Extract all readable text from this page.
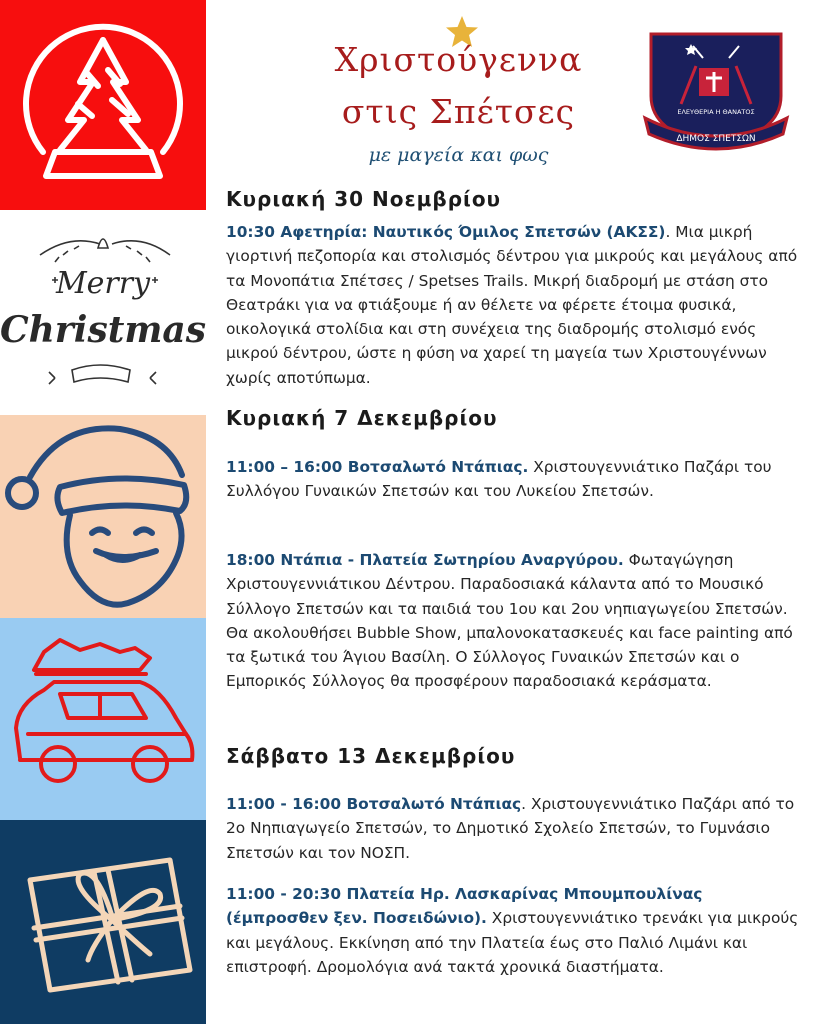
Merry
Christmas
Χριστούγεννα
στις Σπέτσες
με μαγεία και φως
ΕΛΕΥΘΕΡΙΑ Η ΘΑΝΑΤΟΣ
ΔΗΜΟΣ ΣΠΕΤΣΩΝ
Κυριακή 30 Νοεμβρίου
10:30 Αφετηρία: Ναυτικός Όμιλος Σπετσών (ΑΚΣΣ). Μια μικρή γιορτινή πεζοπορία και στολισμός δέντρου για μικρούς και μεγάλους από τα Μονοπάτια Σπέτσες / Spetses Trails. Μικρή διαδρομή με στάση στο Θεατράκι για να φτιάξουμε ή αν θέλετε να φέρετε έτοιμα φυσικά, οικολογικά στολίδια και στη συνέχεια της διαδρομής στολισμό ενός μικρού δέντρου, ώστε η φύση να χαρεί τη μαγεία των Χριστουγέννων χωρίς αποτύπωμα.
Κυριακή 7 Δεκεμβρίου
11:00 – 16:00 Βοτσαλωτό Ντάπιας. Χριστουγεννιάτικο Παζάρι του Συλλόγου Γυναικών Σπετσών και του Λυκείου Σπετσών.
18:00 Ντάπια - Πλατεία Σωτηρίου Αναργύρου. Φωταγώγηση Χριστουγεννιάτικου Δέντρου. Παραδοσιακά κάλαντα από το Μουσικό Σύλλογο Σπετσών και τα παιδιά του 1ου και 2ου νηπιαγωγείου Σπετσών. Θα ακολουθήσει Bubble Show, μπαλονοκατασκευές και face painting από τα ξωτικά του Άγιου Βασίλη. Ο Σύλλογος Γυναικών Σπετσών και ο Εμπορικός Σύλλογος θα προσφέρουν παραδοσιακά κεράσματα.
Σάββατο 13 Δεκεμβρίου
11:00 - 16:00 Βοτσαλωτό Ντάπιας. Χριστουγεννιάτικο Παζάρι από το 2ο Νηπιαγωγείο Σπετσών, το Δημοτικό Σχολείο Σπετσών, το Γυμνάσιο Σπετσών και τον ΝΟΣΠ.
11:00 - 20:30 Πλατεία Ηρ. Λασκαρίνας Μπουμπουλίνας (έμπροσθεν ξεν. Ποσειδώνιο). Χριστουγεννιάτικο τρενάκι για μικρούς και μεγάλους. Εκκίνηση από την Πλατεία έως στο Παλιό Λιμάνι και επιστροφή. Δρομολόγια ανά τακτά χρονικά διαστήματα.
